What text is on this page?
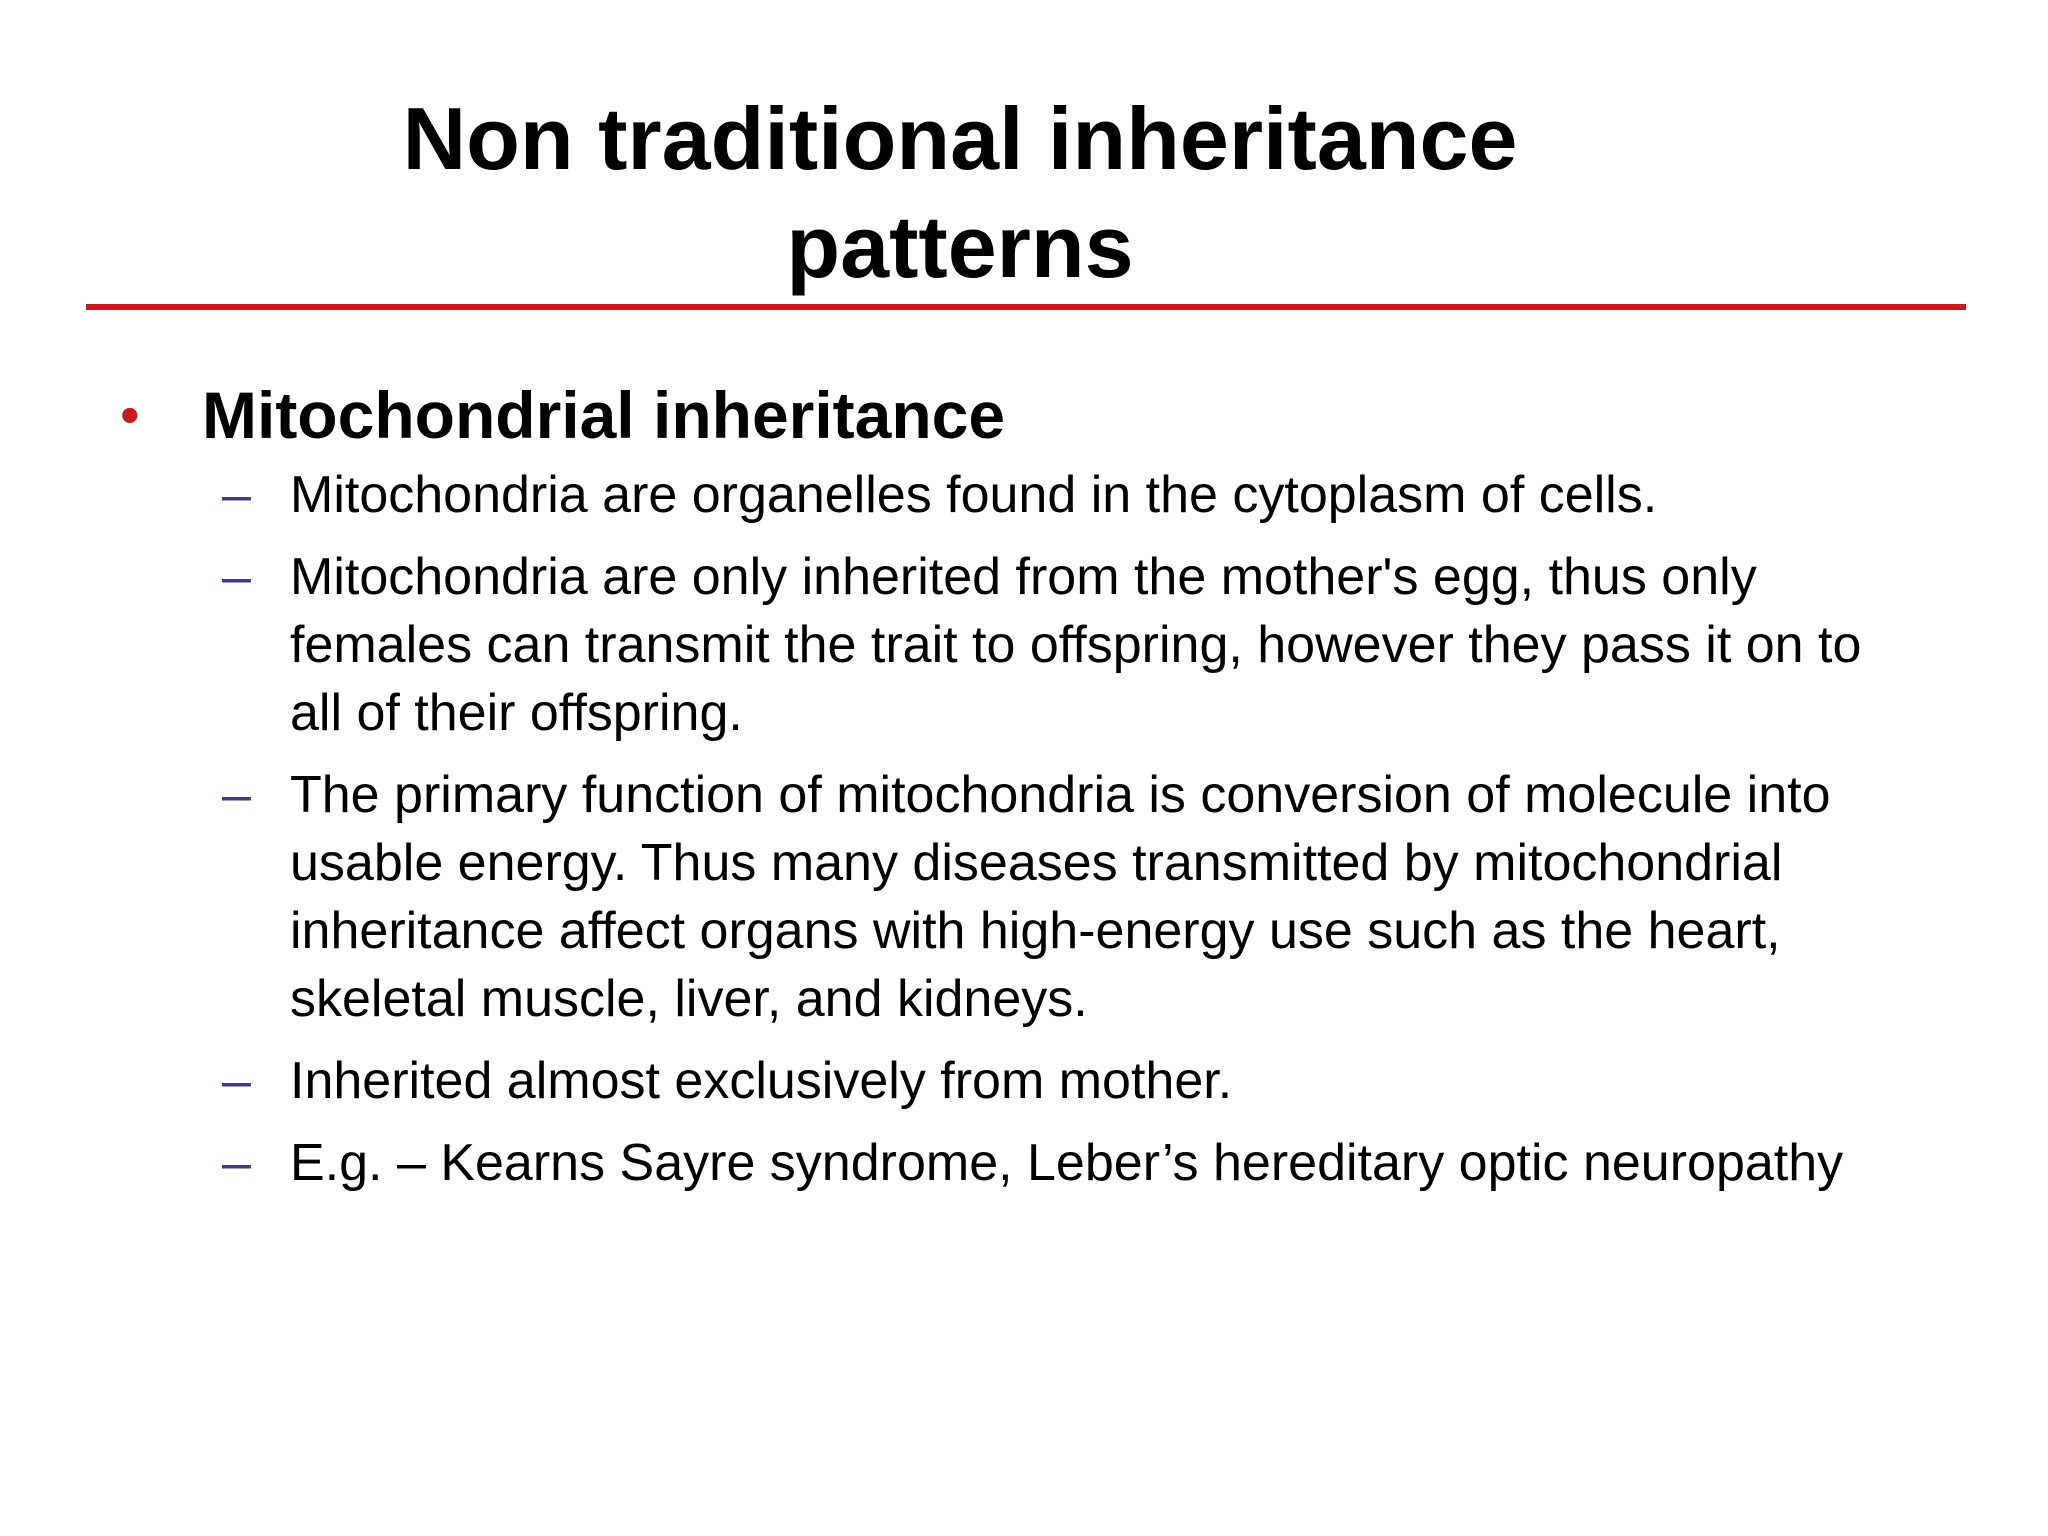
Non traditional inheritance
patterns
• Mitochondrial inheritance
– Mitochondria are organelles found in the cytoplasm of cells.
– Mitochondria are only inherited from the mother's egg, thus only females can transmit the trait to offspring, however they pass it on to all of their offspring.
– The primary function of mitochondria is conversion of molecule into usable energy. Thus many diseases transmitted by mitochondrial inheritance affect organs with high-energy use such as the heart, skeletal muscle, liver, and kidneys.
– Inherited almost exclusively from mother.
– E.g. – Kearns Sayre syndrome, Leber’s hereditary optic neuropathy
